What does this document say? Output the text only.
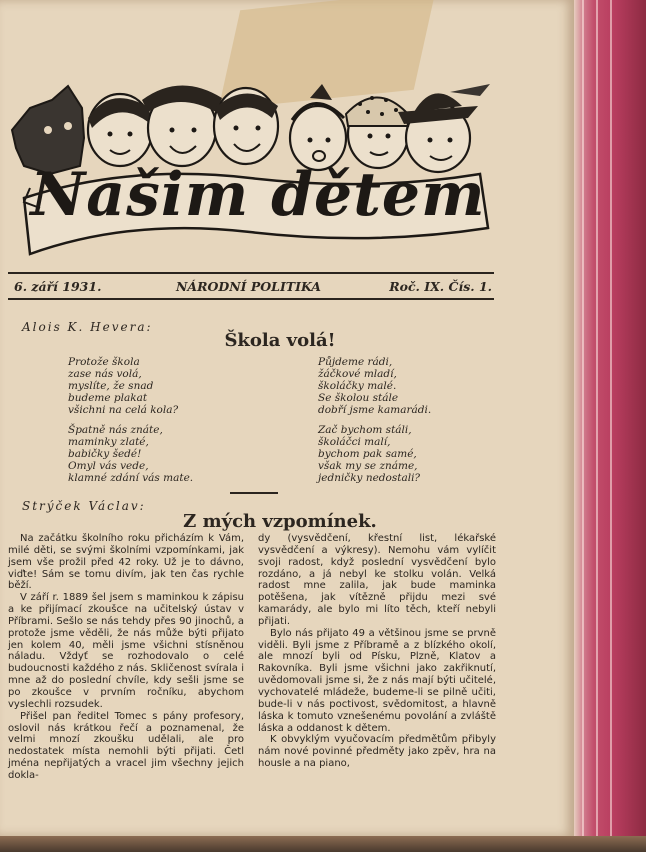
Našim dětem
6. září 1931.	NÁRODNÍ POLITIKA	Roč. IX. Čís. 1.
Alois K. Hevera:
Škola volá!
Protože škola
zase nás volá,
myslíte, že snad
budeme plakat
všichni na celá kola?
Špatně nás znáte,
maminky zlaté,
babičky šedé!
Omyl vás vede,
klamné zdání vás mate.
Půjdeme rádi,
žáčkové mladí,
školáčky malé.
Se školou stále
dobří jsme kamarádi.
Zač bychom stáli,
školáčci malí,
bychom pak samé,
však my se známe,
jedničky nedostali?
Strýček Václav:
Z mých vzpomínek.

Na začátku školního roku přicházím k Vám, milé děti, se svými školními vzpomínkami, jak jsem vše prožil před 42 roky. Už je to dávno, viďte! Sám se tomu divím, jak ten čas rychle běží.

V září r. 1889 šel jsem s maminkou k zápisu a ke přijímací zkoušce na učitelský ústav v Příbrami. Sešlo se nás tehdy přes 90 jinochů, a protože jsme věděli, že nás může býti přijato jen kolem 40, měli jsme všichni stísněnou náladu. Vždyť se rozhodovalo o celé budoucnosti každého z nás. Skličenost svírala i mne až do poslední chvíle, kdy sešli jsme se po zkoušce v prvním ročníku, abychom vyslechli rozsudek.

Přišel pan ředitel Tomec s pány profesory, oslovil nás krátkou řečí a poznamenal, že velmi mnozí zkoušku udělali, ale pro nedostatek místa nemohli býti přijati. Četl jména nepřijatých a vracel jim všechny jejich dokla-

dy (vysvědčení, křestní list, lékařské vysvědčení a výkresy). Nemohu vám vylíčit svoji radost, když poslední vysvědčení bylo rozdáno, a já nebyl ke stolku volán. Velká radost mne zalila, jak bude maminka potěšena, jak vítězně přijdu mezi své kamarády, ale bylo mi líto těch, kteří nebyli přijati.

Bylo nás přijato 49 a většinou jsme se prvně viděli. Byli jsme z Příbramě a z blízkého okolí, ale mnozí byli od Písku, Plzně, Klatov a Rakovníka. Byli jsme všichni jako zakřiknutí, uvědomovali jsme si, že z nás mají býti učitelé, vychovatelé mládeže, budeme-li se pilně učiti, bude-li v nás poctivost, svědomitost, a hlavně láska k tomuto vznešenému povolání a zvláště láska a oddanost k dětem.

K obvyklým vyučovacím předmětům přibyly nám nové povinné předměty jako zpěv, hra na housle a na piano,
